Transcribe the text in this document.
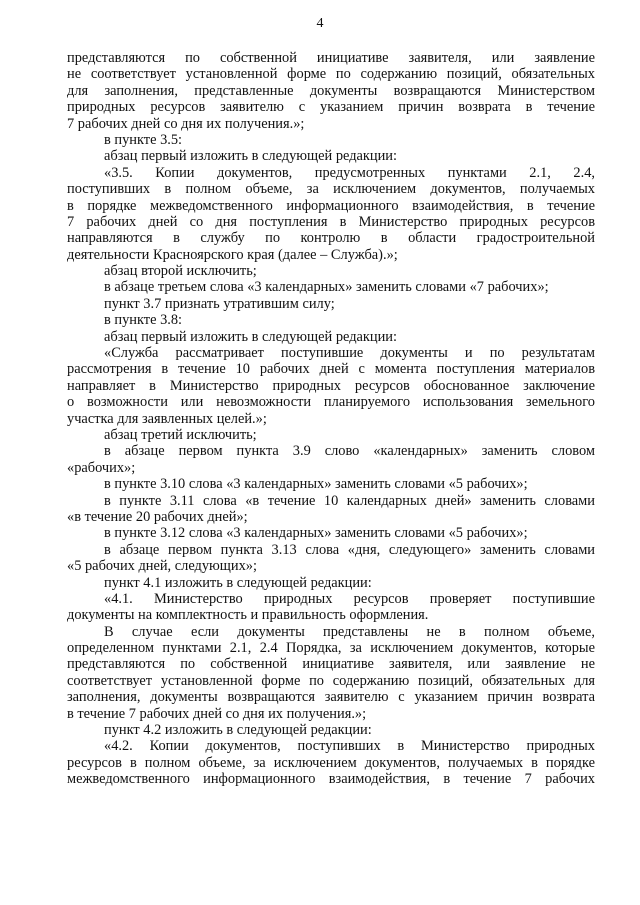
4
представляются по собственной инициативе заявителя, или заявление
не соответствует установленной форме по содержанию позиций, обязательных
для заполнения, представленные документы возвращаются Министерством
природных ресурсов заявителю с указанием причин возврата в течение
7 рабочих дней со дня их получения.»;
в пункте 3.5:
абзац первый изложить в следующей редакции:
«3.5. Копии документов, предусмотренных пунктами 2.1, 2.4,
поступивших в полном объеме, за исключением документов, получаемых
в порядке межведомственного информационного взаимодействия, в течение
7 рабочих дней со дня поступления в Министерство природных ресурсов
направляются в службу по контролю в области градостроительной
деятельности Красноярского края (далее – Служба).»;
абзац второй исключить;
в абзаце третьем слова «3 календарных» заменить словами «7 рабочих»;
пункт 3.7 признать утратившим силу;
в пункте 3.8:
абзац первый изложить в следующей редакции:
«Служба рассматривает поступившие документы и по результатам
рассмотрения в течение 10 рабочих дней с момента поступления материалов
направляет в Министерство природных ресурсов обоснованное заключение
о возможности или невозможности планируемого использования земельного
участка для заявленных целей.»;
абзац третий исключить;
в абзаце первом пункта 3.9 слово «календарных» заменить словом
«рабочих»;
в пункте 3.10 слова «3 календарных» заменить словами «5 рабочих»;
в пункте 3.11 слова «в течение 10 календарных дней» заменить словами
«в течение 20 рабочих дней»;
в пункте 3.12 слова «3 календарных» заменить словами «5 рабочих»;
в абзаце первом пункта 3.13 слова «дня, следующего» заменить словами
«5 рабочих дней, следующих»;
пункт 4.1 изложить в следующей редакции:
«4.1. Министерство природных ресурсов проверяет поступившие
документы на комплектность и правильность оформления.
В случае если документы представлены не в полном объеме,
определенном пунктами 2.1, 2.4 Порядка, за исключением документов, которые
представляются по собственной инициативе заявителя, или заявление не
соответствует установленной форме по содержанию позиций, обязательных для
заполнения, документы возвращаются заявителю с указанием причин возврата
в течение 7 рабочих дней со дня их получения.»;
пункт 4.2 изложить в следующей редакции:
«4.2. Копии документов, поступивших в Министерство природных
ресурсов в полном объеме, за исключением документов, получаемых в порядке
межведомственного информационного взаимодействия, в течение 7 рабочих
